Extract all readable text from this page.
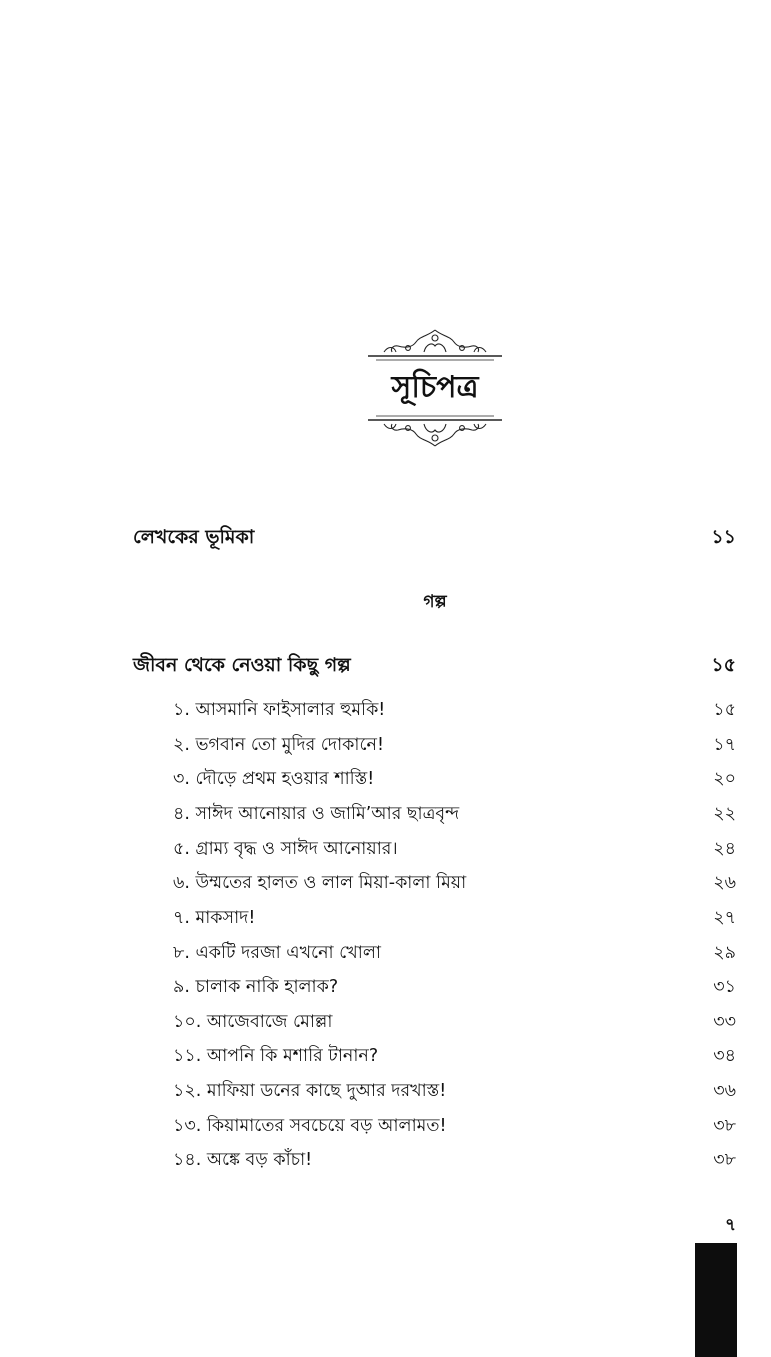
সূচিপত্র
লেখকের ভূমিকা	১১
গল্প
জীবন থেকে নেওয়া কিছু গল্প	১৫
১. আসমানি ফাইসালার হুমকি!	১৫
২. ভগবান তো মুদির দোকানে!	১৭
৩. দৌড়ে প্রথম হওয়ার শাস্তি!	২০
৪. সাঈদ আনোয়ার ও জামি’আর ছাত্রবৃন্দ	২২
৫. গ্রাম্য বৃদ্ধ ও সাঈদ আনোয়ার।	২৪
৬. উম্মতের হালত ও লাল মিয়া-কালা মিয়া	২৬
৭. মাকসাদ!	২৭
৮. একটি দরজা এখনো খোলা	২৯
৯. চালাক নাকি হালাক?	৩১
১০. আজেবাজে মোল্লা	৩৩
১১. আপনি কি মশারি টানান?	৩৪
১২. মাফিয়া ডনের কাছে দুআর দরখাস্ত!	৩৬
১৩. কিয়ামাতের সবচেয়ে বড় আলামত!	৩৮
১৪. অঙ্কে বড় কাঁচা!	৩৮
৭
